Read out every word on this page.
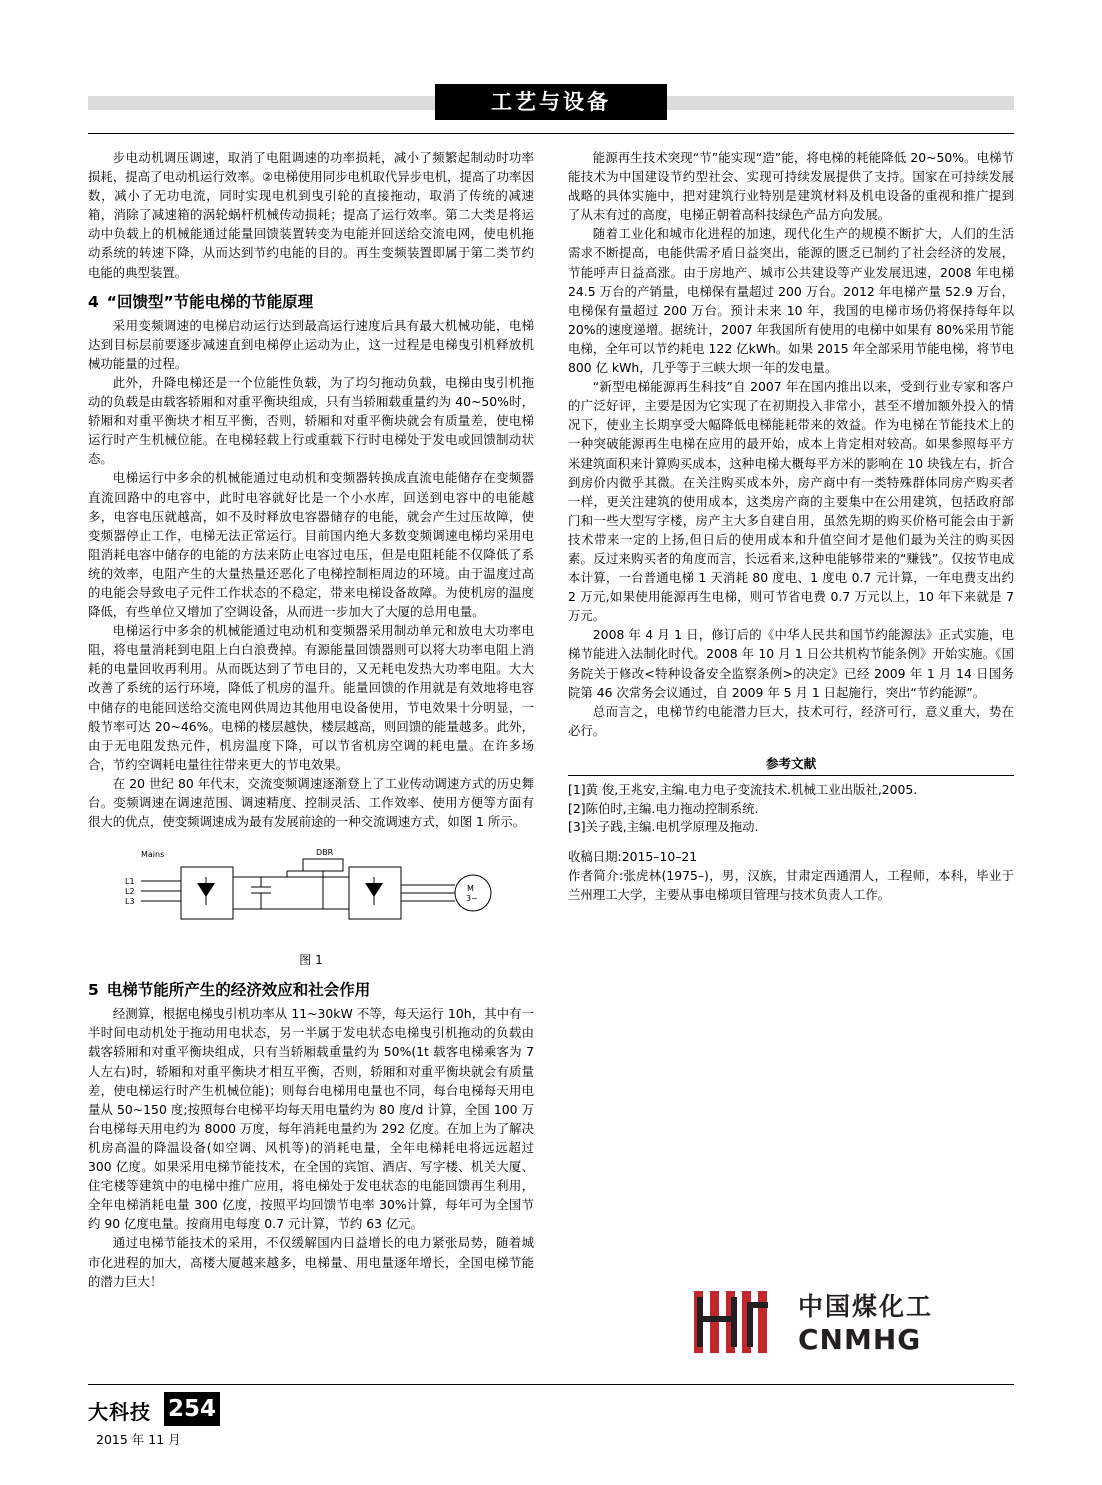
工艺与设备

步电动机调压调速，取消了电阻调速的功率损耗，减小了频繁起制动时功率损耗，提高了电动机运行效率。②电梯使用同步电机取代异步电机，提高了功率因数，减小了无功电流，同时实现电机到曳引轮的直接拖动，取消了传统的减速箱，消除了减速箱的涡轮蜗杆机械传动损耗；提高了运行效率。第二大类是将运动中负载上的机械能通过能量回馈装置转变为电能并回送给交流电网，使电机拖动系统的转速下降，从而达到节约电能的目的。再生变频装置即属于第二类节约电能的典型装置。

4 “回馈型”节能电梯的节能原理

采用变频调速的电梯启动运行达到最高运行速度后具有最大机械功能，电梯达到目标层前要逐步减速直到电梯停止运动为止，这一过程是电梯曳引机释放机械功能量的过程。

此外，升降电梯还是一个位能性负载，为了均匀拖动负载，电梯由曳引机拖动的负载是由载客轿厢和对重平衡块组成，只有当轿厢载重量约为 40~50%时，轿厢和对重平衡块才相互平衡，否则，轿厢和对重平衡块就会有质量差，使电梯运行时产生机械位能。在电梯轻载上行或重载下行时电梯处于发电或回馈制动状态。

电梯运行中多余的机械能通过电动机和变频器转换成直流电能储存在变频器直流回路中的电容中，此时电容就好比是一个小水库，回送到电容中的电能越多，电容电压就越高，如不及时释放电容器储存的电能，就会产生过压故障，使变频器停止工作，电梯无法正常运行。目前国内绝大多数变频调速电梯均采用电阻消耗电容中储存的电能的方法来防止电容过电压，但是电阻耗能不仅降低了系统的效率，电阻产生的大量热量还恶化了电梯控制柜周边的环境。由于温度过高的电能会导致电子元件工作状态的不稳定，带来电梯设备故障。为使机房的温度降低，有些单位又增加了空调设备，从而进一步加大了大厦的总用电量。

电梯运行中多余的机械能通过电动机和变频器采用制动单元和放电大功率电阻，将电量消耗到电阻上白白浪费掉。有源能量回馈器则可以将大功率电阻上消耗的电量回收再利用。从而既达到了节电目的，又无耗电发热大功率电阻。大大改善了系统的运行环境，降低了机房的温升。能量回馈的作用就是有效地将电容中储存的电能回送给交流电网供周边其他用电设备使用，节电效果十分明显，一般节率可达 20~46%。电梯的楼层越快，楼层越高，则回馈的能量越多。此外，由于无电阻发热元件，机房温度下降，可以节省机房空调的耗电量。在许多场合，节约空调耗电量往往带来更大的节电效果。

在 20 世纪 80 年代末，交流变频调速逐渐登上了工业传动调速方式的历史舞台。变频调速在调速范围、调速精度、控制灵活、工作效率、使用方便等方面有很大的优点，使变频调速成为最有发展前途的一种交流调速方式，如图 1 所示。

Mains	DBR
L1
L2
L3
M
3~
图 1
5 电梯节能所产生的经济效应和社会作用

经测算，根据电梯曳引机功率从 11~30kW 不等，每天运行 10h，其中有一半时间电动机处于拖动用电状态，另一半属于发电状态电梯曳引机拖动的负载由载客轿厢和对重平衡块组成，只有当轿厢载重量约为 50%(1t 载客电梯乘客为 7 人左右)时，轿厢和对重平衡块才相互平衡，否则，轿厢和对重平衡块就会有质量差，使电梯运行时产生机械位能)；则每台电梯用电量也不同，每台电梯每天用电量从 50~150 度;按照每台电梯平均每天用电量约为 80 度/d 计算，全国 100 万台电梯每天用电约为 8000 万度，每年消耗电量约为 292 亿度。在加上为了解决机房高温的降温设备(如空调、风机等)的消耗电量，全年电梯耗电将远远超过 300 亿度。如果采用电梯节能技术，在全国的宾馆、酒店、写字楼、机关大厦、住宅楼等建筑中的电梯中推广应用，将电梯处于发电状态的电能回馈再生利用，全年电梯消耗电量 300 亿度，按照平均回馈节电率 30%计算，每年可为全国节约 90 亿度电量。按商用电每度 0.7 元计算，节约 63 亿元。

通过电梯节能技术的采用，不仅缓解国内日益增长的电力紧张局势，随着城市化进程的加大，高楼大厦越来越多，电梯量、用电量逐年增长，全国电梯节能的潜力巨大！

能源再生技术突现“节”能实现“造”能，将电梯的耗能降低 20~50%。电梯节能技术为中国建设节约型社会、实现可持续发展提供了支持。国家在可持续发展战略的具体实施中，把对建筑行业特别是建筑材料及机电设备的重视和推广提到了从未有过的高度，电梯正朝着高科技绿色产品方向发展。

随着工业化和城市化进程的加速，现代化生产的规模不断扩大，人们的生活需求不断提高，电能供需矛盾日益突出，能源的匮乏已制约了社会经济的发展，节能呼声日益高涨。由于房地产、城市公共建设等产业发展迅速，2008 年电梯 24.5 万台的产销量，电梯保有量超过 200 万台。2012 年电梯产量 52.9 万台，电梯保有量超过 200 万台。预计未来 10 年，我国的电梯市场仍将保持每年以 20%的速度递增。据统计，2007 年我国所有使用的电梯中如果有 80%采用节能电梯，全年可以节约耗电 122 亿kWh。如果 2015 年全部采用节能电梯，将节电 800 亿 kWh，几乎等于三峡大坝一年的发电量。

“新型电梯能源再生科技”自 2007 年在国内推出以来，受到行业专家和客户的广泛好评，主要是因为它实现了在初期投入非常小，甚至不增加额外投入的情况下，使业主长期享受大幅降低电梯能耗带来的效益。作为电梯在节能技术上的一种突破能源再生电梯在应用的最开始，成本上肯定相对较高。如果参照每平方米建筑面积来计算购买成本，这种电梯大概每平方米的影响在 10 块钱左右，折合到房价内微乎其微。在关注购买成本外，房产商中有一类特殊群体同房产购买者一样，更关注建筑的使用成本，这类房产商的主要集中在公用建筑，包括政府部门和一些大型写字楼，房产主大多自建自用，虽然先期的购买价格可能会由于新技术带来一定的上扬,但日后的使用成本和升值空间才是他们最为关注的购买因素。反过来购买者的角度而言，长远看来,这种电能够带来的“赚钱”。仅按节电成本计算，一台普通电梯 1 天消耗 80 度电、1 度电 0.7 元计算，一年电费支出约 2 万元,如果使用能源再生电梯，则可节省电费 0.7 万元以上，10 年下来就是 7 万元。

2008 年 4 月 1 日，修订后的《中华人民共和国节约能源法》正式实施，电梯节能进入法制化时代。2008 年 10 月 1 日公共机构节能条例》开始实施。《国务院关于修改<特种设备安全监察条例>的决定》已经 2009 年 1 月 14 日国务院第 46 次常务会议通过，自 2009 年 5 月 1 日起施行，突出“节约能源”。

总而言之，电梯节约电能潜力巨大，技术可行，经济可行，意义重大，势在必行。

参考文献

[1]黄 俊,王兆安,主编.电力电子变流技术.机械工业出版社,2005.

[2]陈伯时,主编.电力拖动控制系统.

[3]关子践,主编.电机学原理及拖动.

收稿日期:2015–10–21

作者简介:张虎林(1975–)，男，汉族，甘肃定西通渭人，工程师，本科，毕业于兰州理工大学，主要从事电梯项目管理与技术负责人工作。

中国煤化工
CNMHG
大科技 254
2015 年 11 月
